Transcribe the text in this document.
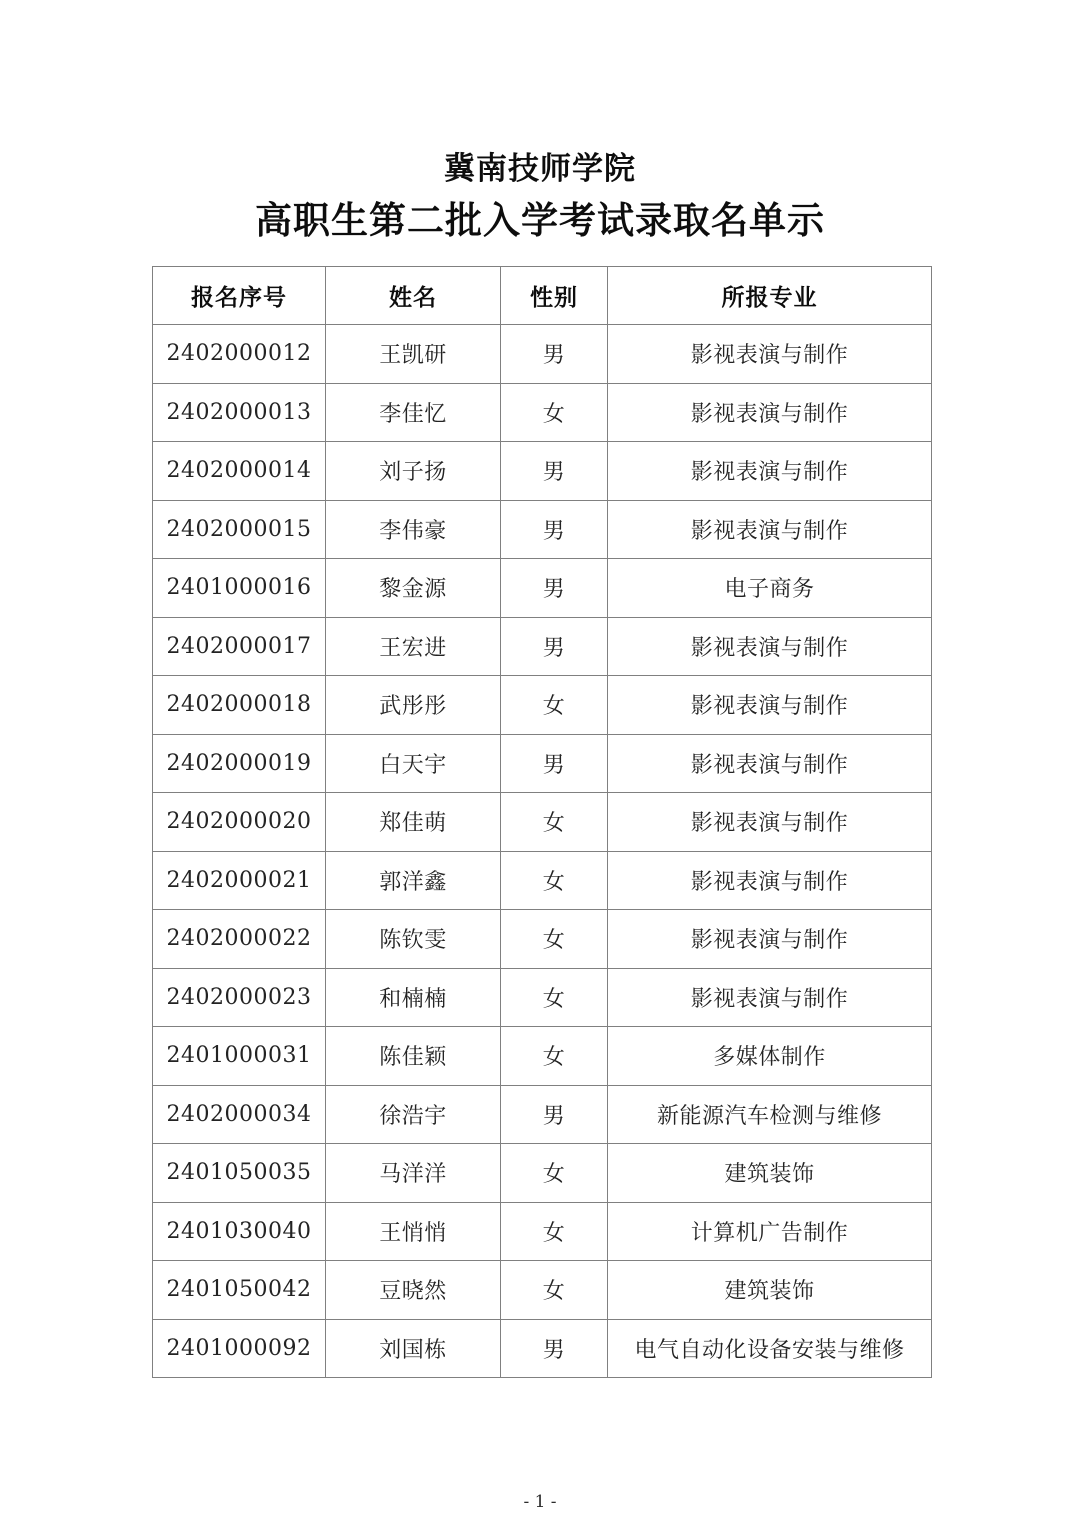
冀南技师学院
高职生第二批入学考试录取名单示
报名序号	姓名	性别	所报专业
2402000012	王凯研	男	影视表演与制作
2402000013	李佳忆	女	影视表演与制作
2402000014	刘子扬	男	影视表演与制作
2402000015	李伟豪	男	影视表演与制作
2401000016	黎金源	男	电子商务
2402000017	王宏进	男	影视表演与制作
2402000018	武彤彤	女	影视表演与制作
2402000019	白天宇	男	影视表演与制作
2402000020	郑佳萌	女	影视表演与制作
2402000021	郭洋鑫	女	影视表演与制作
2402000022	陈钦雯	女	影视表演与制作
2402000023	和楠楠	女	影视表演与制作
2401000031	陈佳颖	女	多媒体制作
2402000034	徐浩宇	男	新能源汽车检测与维修
2401050035	马洋洋	女	建筑装饰
2401030040	王悄悄	女	计算机广告制作
2401050042	豆晓然	女	建筑装饰
2401000092	刘国栋	男	电气自动化设备安装与维修
- 1 -
